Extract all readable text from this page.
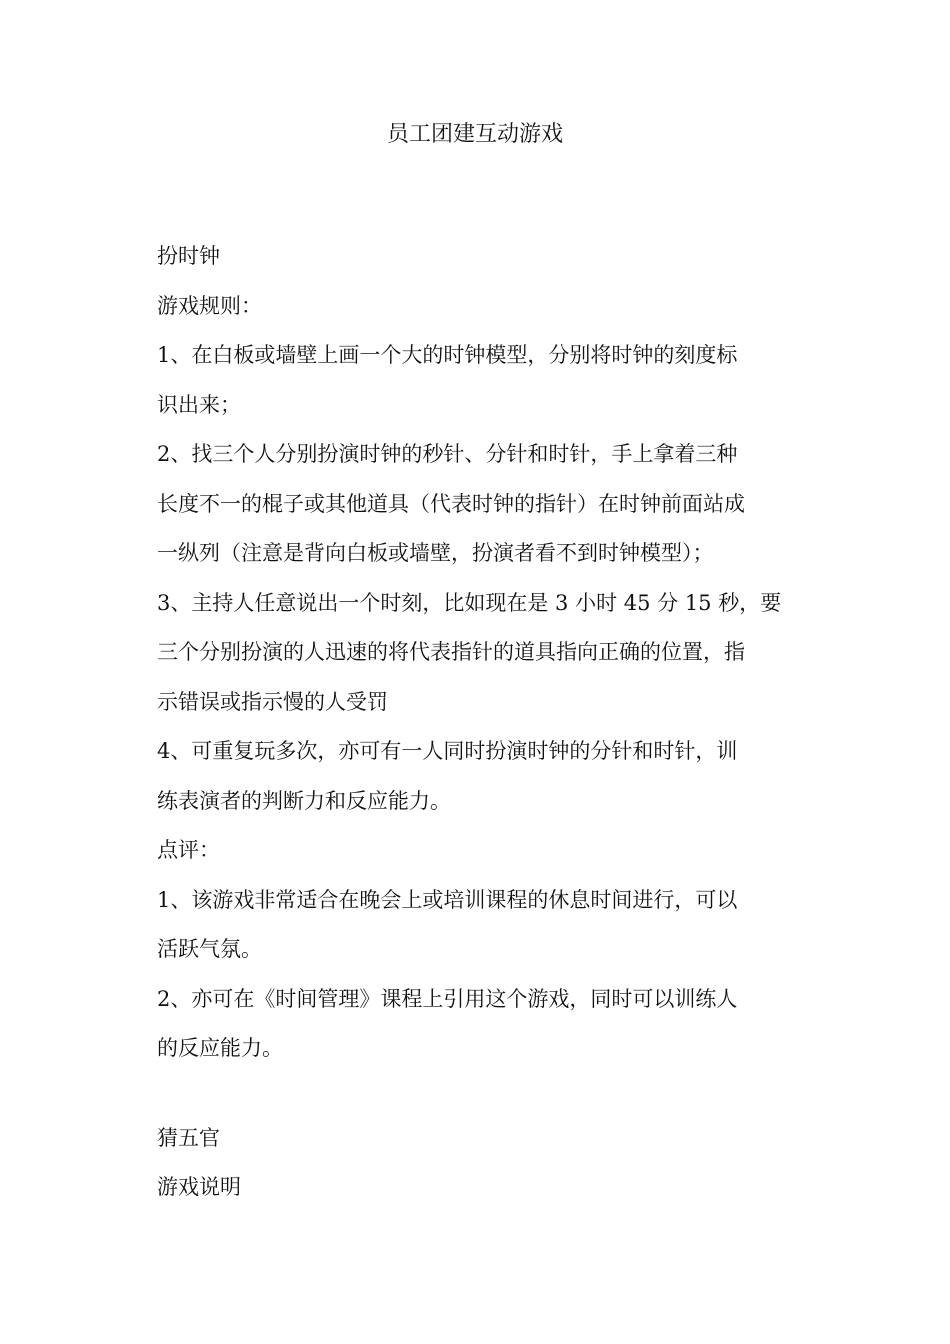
员工团建互动游戏

扮时钟

游戏规则：

1、在白板或墙壁上画一个大的时钟模型，分别将时钟的刻度标

识出来；

2、找三个人分别扮演时钟的秒针、分针和时针，手上拿着三种

长度不一的棍子或其他道具（代表时钟的指针）在时钟前面站成

一纵列（注意是背向白板或墙壁，扮演者看不到时钟模型）；

3、主持人任意说出一个时刻，比如现在是 3 小时 45 分 15 秒，要

三个分别扮演的人迅速的将代表指针的道具指向正确的位置，指

示错误或指示慢的人受罚

4、可重复玩多次，亦可有一人同时扮演时钟的分针和时针，训

练表演者的判断力和反应能力。

点评：

1、该游戏非常适合在晚会上或培训课程的休息时间进行，可以

活跃气氛。

2、亦可在《时间管理》课程上引用这个游戏，同时可以训练人

的反应能力。

猜五官

游戏说明
